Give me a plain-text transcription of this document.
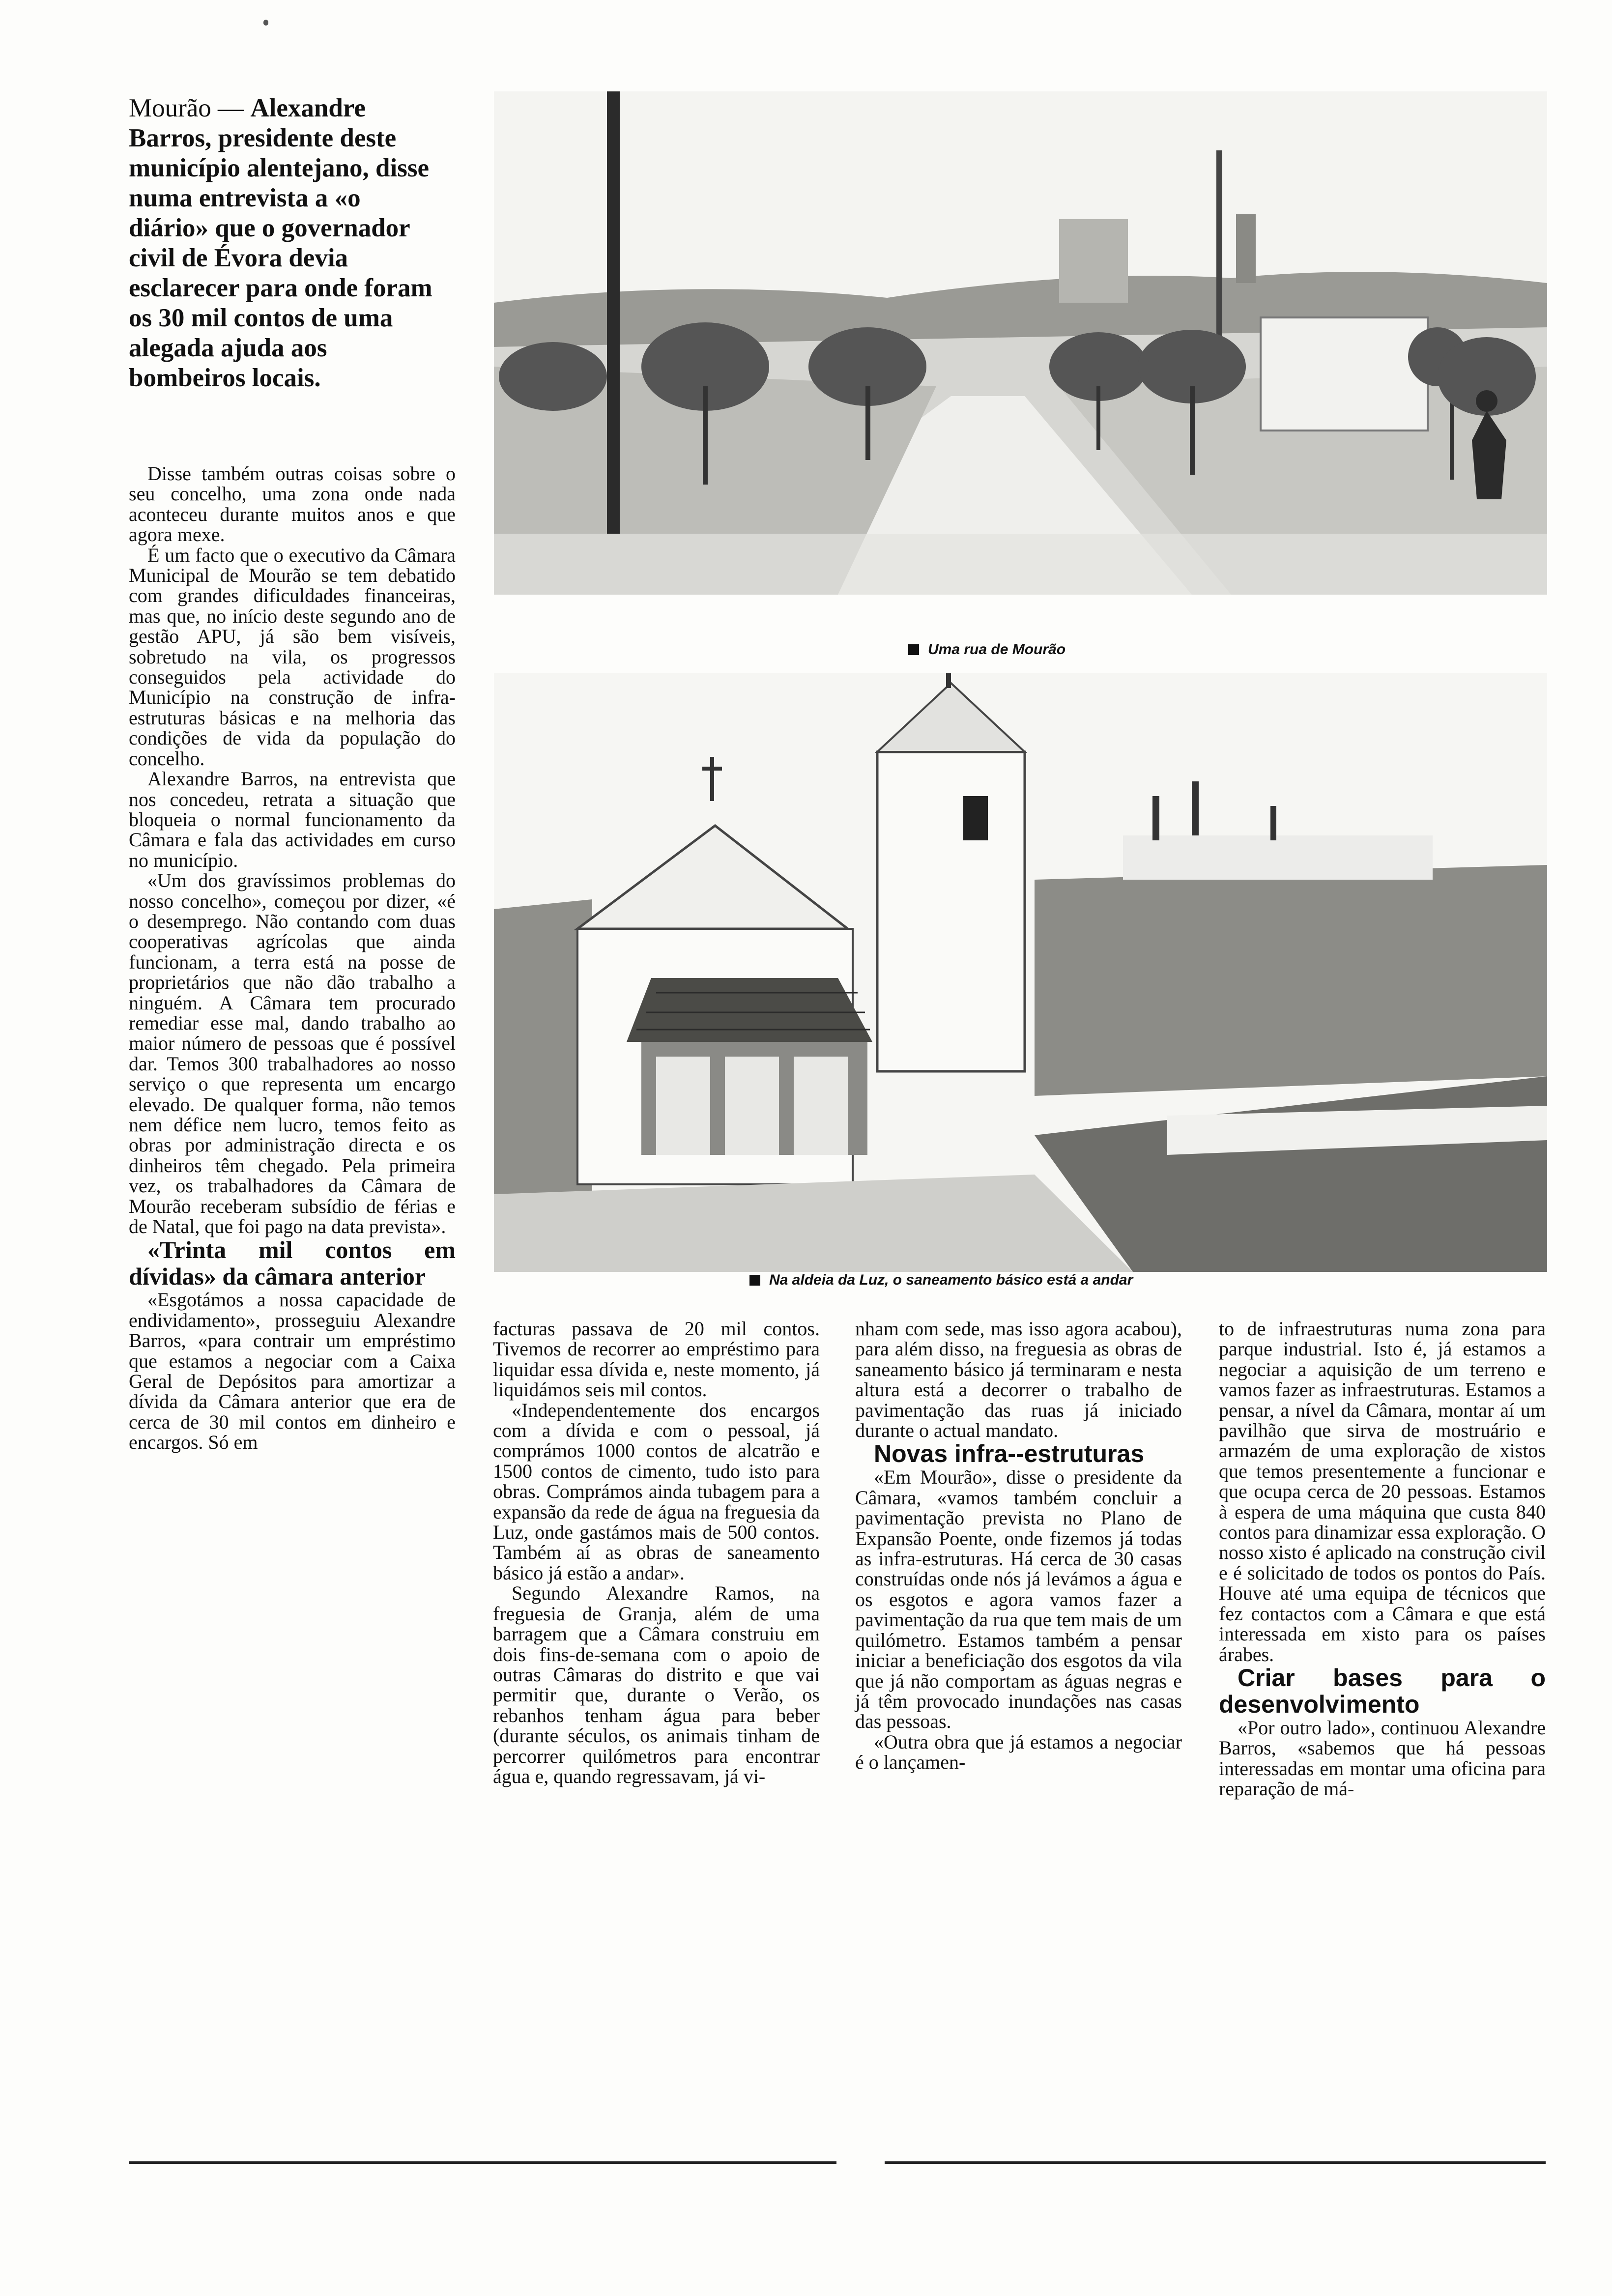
Mourão — Alexandre Barros, presidente deste município alentejano, disse numa entrevista a «o diário» que o governador civil de Évora devia esclarecer para onde foram os 30 mil contos de uma alegada ajuda aos bombeiros locais.
Uma rua de Mourão
Na aldeia da Luz, o saneamento básico está a andar

Disse também outras coisas sobre o seu concelho, uma zona onde nada aconteceu durante muitos anos e que agora mexe.

É um facto que o executivo da Câmara Municipal de Mourão se tem debatido com grandes dificuldades financeiras, mas que, no início deste segundo ano de gestão APU, já são bem visíveis, sobretudo na vila, os progressos conseguidos pela actividade do Município na construção de infra-estruturas básicas e na melhoria das condições de vida da população do concelho.

Alexandre Barros, na entrevista que nos concedeu, retrata a situação que bloqueia o normal funcionamento da Câmara e fala das actividades em curso no município.

«Um dos gravíssimos problemas do nosso concelho», começou por dizer, «é o desemprego. Não contando com duas cooperativas agrícolas que ainda funcionam, a terra está na posse de proprietários que não dão trabalho a ninguém. A Câmara tem procurado remediar esse mal, dando trabalho ao maior número de pessoas que é possível dar. Temos 300 trabalhadores ao nosso serviço o que representa um encargo elevado. De qualquer forma, não temos nem défice nem lucro, temos feito as obras por administração directa e os dinheiros têm chegado. Pela primeira vez, os trabalhadores da Câmara de Mourão receberam subsídio de férias e de Natal, que foi pago na data prevista».

«Trinta mil contos em dívidas» da câmara anterior

«Esgotámos a nossa capacidade de endividamento», prosseguiu Alexandre Barros, «para contrair um empréstimo que estamos a negociar com a Caixa Geral de Depósitos para amortizar a dívida da Câmara anterior que era de cerca de 30 mil contos em dinheiro e encargos. Só em

facturas passava de 20 mil contos. Tivemos de recorrer ao empréstimo para liquidar essa dívida e, neste momento, já liquidámos seis mil contos.

«Independentemente dos encargos com a dívida e com o pessoal, já comprámos 1000 contos de alcatrão e 1500 contos de cimento, tudo isto para obras. Comprámos ainda tubagem para a expansão da rede de água na freguesia da Luz, onde gastámos mais de 500 contos. Também aí as obras de saneamento básico já estão a andar».

Segundo Alexandre Ramos, na freguesia de Granja, além de uma barragem que a Câmara construiu em dois fins-de-semana com o apoio de outras Câmaras do distrito e que vai permitir que, durante o Verão, os rebanhos tenham água para beber (durante séculos, os animais tinham de percorrer quilómetros para encontrar água e, quando regressavam, já vi-

nham com sede, mas isso agora acabou), para além disso, na freguesia as obras de saneamento básico já terminaram e nesta altura está a decorrer o trabalho de pavimentação das ruas já iniciado durante o actual mandato.

Novas infra--estruturas

«Em Mourão», disse o presidente da Câmara, «vamos também concluir a pavimentação prevista no Plano de Expansão Poente, onde fizemos já todas as infra-estruturas. Há cerca de 30 casas construídas onde nós já levámos a água e os esgotos e agora vamos fazer a pavimentação da rua que tem mais de um quilómetro. Estamos também a pensar iniciar a beneficiação dos esgotos da vila que já não comportam as águas negras e já têm provocado inundações nas casas das pessoas.

«Outra obra que já estamos a negociar é o lançamen-

to de infraestruturas numa zona para parque industrial. Isto é, já estamos a negociar a aquisição de um terreno e vamos fazer as infraestruturas. Estamos a pensar, a nível da Câmara, montar aí um pavilhão que sirva de mostruário e armazém de uma exploração de xistos que temos presentemente a funcionar e que ocupa cerca de 20 pessoas. Estamos à espera de uma máquina que custa 840 contos para dinamizar essa exploração. O nosso xisto é aplicado na construção civil e é solicitado de todos os pontos do País. Houve até uma equipa de técnicos que fez contactos com a Câmara e que está interessada em xisto para os países árabes.

Criar bases para o desenvolvimento

«Por outro lado», continuou Alexandre Barros, «sabemos que há pessoas interessadas em montar uma oficina para reparação de má-
